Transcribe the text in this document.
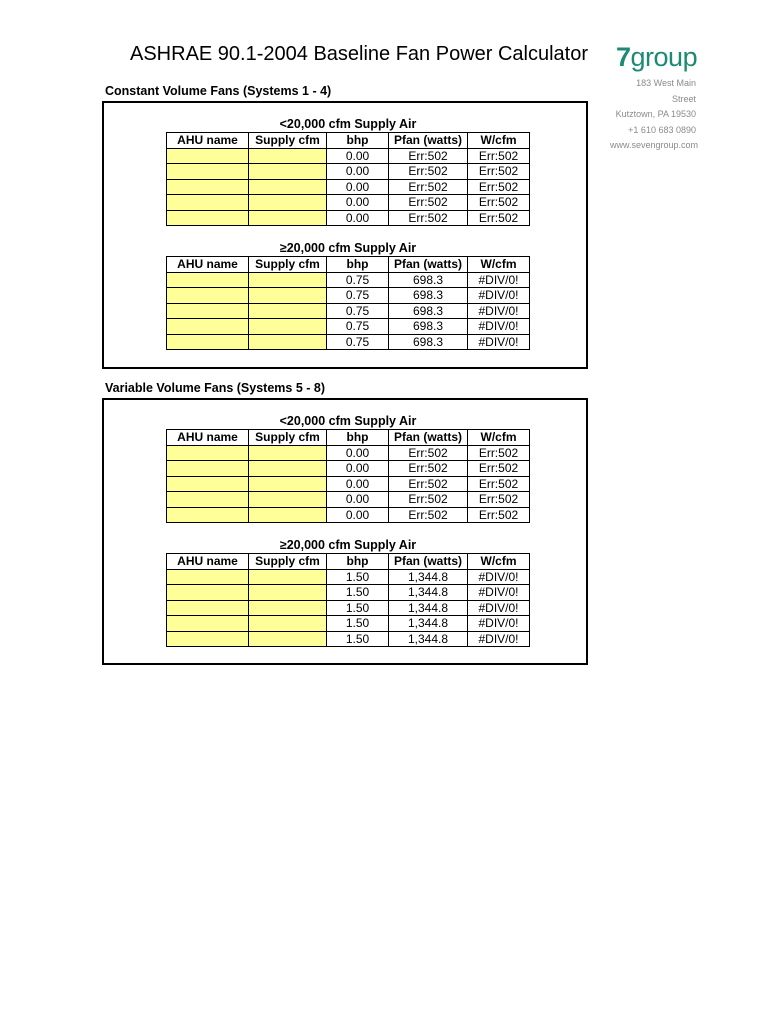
ASHRAE 90.1-2004 Baseline Fan Power Calculator 7group
183 West Main Street
Kutztown, PA 19530
+1 610 683 0890
www.sevengroup.com
Constant Volume Fans (Systems 1 - 4)
<20,000 cfm Supply Air
AHU name	Supply cfm	bhp	Pfan (watts)	W/cfm
		0.00	Err:502	Err:502
		0.00	Err:502	Err:502
		0.00	Err:502	Err:502
		0.00	Err:502	Err:502
		0.00	Err:502	Err:502
≥20,000 cfm Supply Air
AHU name	Supply cfm	bhp	Pfan (watts)	W/cfm
		0.75	698.3	#DIV/0!
		0.75	698.3	#DIV/0!
		0.75	698.3	#DIV/0!
		0.75	698.3	#DIV/0!
		0.75	698.3	#DIV/0!
Variable Volume Fans (Systems 5 - 8)
<20,000 cfm Supply Air
AHU name	Supply cfm	bhp	Pfan (watts)	W/cfm
		0.00	Err:502	Err:502
		0.00	Err:502	Err:502
		0.00	Err:502	Err:502
		0.00	Err:502	Err:502
		0.00	Err:502	Err:502
≥20,000 cfm Supply Air
AHU name	Supply cfm	bhp	Pfan (watts)	W/cfm
		1.50	1,344.8	#DIV/0!
		1.50	1,344.8	#DIV/0!
		1.50	1,344.8	#DIV/0!
		1.50	1,344.8	#DIV/0!
		1.50	1,344.8	#DIV/0!
